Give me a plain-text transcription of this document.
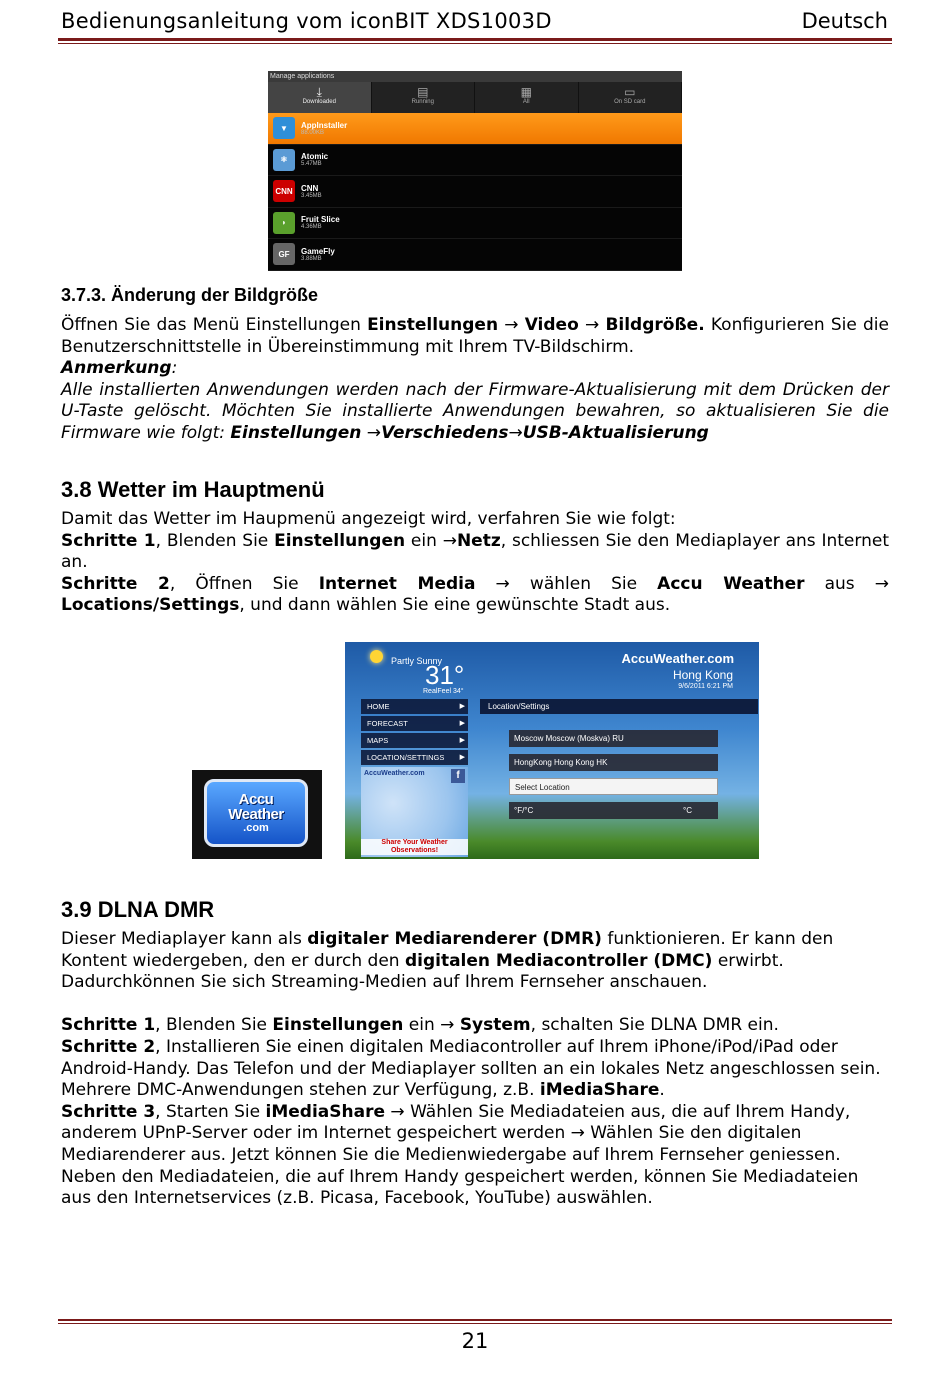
Bedienungsanleitung vom iconBIT XDS1003D	Deutsch
Manage applications
⤓
Downloaded
▤
Running
▦
All
▭
On SD card
▼	AppInstaller
88.00KB
⚛	Atomic
5.47MB
CNN CNN
3.45MB
◗	Fruit Slice
4.36MB
GF	GameFly
3.88MB
3.7.3. Änderung der Bildgröße

Öffnen Sie das Menü Einstellungen Einstellungen → Video → Bildgröße. Konfigurieren Sie die Benutzerschnittstelle in Übereinstimmung mit Ihrem TV-Bildschirm.

Anmerkung:
Alle installierten Anwendungen werden nach der Firmware-Aktualisierung mit dem Drücken der U-Taste gelöscht. Möchten Sie installierte Anwendungen bewahren, so aktualisieren Sie die Firmware wie folgt: Einstellungen →Verschiedens→USB-Aktualisierung

3.8 Wetter im Hauptmenü

Damit das Wetter im Haupmenü angezeigt wird, verfahren Sie wie folgt:

Schritte 1, Blenden Sie Einstellungen ein →Netz, schliessen Sie den Mediaplayer ans Internet an.

Schritte 2, Öffnen Sie Internet Media → wählen Sie Accu Weather aus → Locations/Settings, und dann wählen Sie eine gewünschte Stadt aus.

Accu
Weather
.com
Partly Sunny
31°
RealFeel 34°
AccuWeather.com
Hong Kong
9/6/2011 6:21 PM
HOME	▶
FORECAST	▶
MAPS	▶
LOCATION/SETTINGS ▶
AccuWeather.com	f
Share Your Weather Observations!
Location/Settings
Moscow Moscow (Moskva) RU
HongKong Hong Kong HK
Select Location
°F/°C	°C
3.9 DLNA DMR

Dieser Mediaplayer kann als digitaler Mediarenderer (DMR) funktionieren. Er kann den Kontent wiedergeben, den er durch den digitalen Mediacontroller (DMC) erwirbt. Dadurchkönnen Sie sich Streaming-Medien auf Ihrem Fernseher anschauen.

Schritte 1, Blenden Sie Einstellungen ein → System, schalten Sie DLNA DMR ein.

Schritte 2, Installieren Sie einen digitalen Mediacontroller auf Ihrem iPhone/iPod/iPad oder Android-Handy. Das Telefon und der Mediaplayer sollten an ein lokales Netz angeschlossen sein. Mehrere DMC-Anwendungen stehen zur Verfügung, z.B. iMediaShare.

Schritte 3, Starten Sie iMediaShare → Wählen Sie Mediadateien aus, die auf Ihrem Handy, anderem UPnP-Server oder im Internet gespeichert werden → Wählen Sie den digitalen Mediarenderer aus. Jetzt können Sie die Medienwiedergabe auf Ihrem Fernseher geniessen. Neben den Mediadateien, die auf Ihrem Handy gespeichert werden, können Sie Mediadateien aus den Internetservices (z.B. Picasa, Facebook, YouTube) auswählen.

21
